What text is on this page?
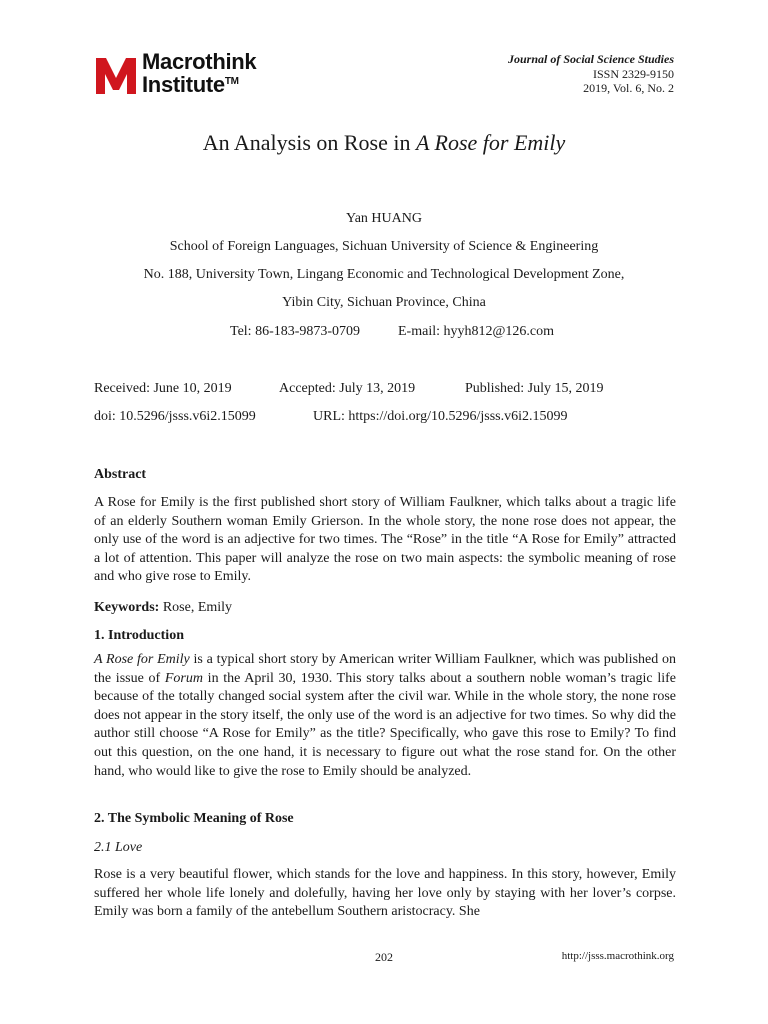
Macrothink
Institute™
Journal of Social Science Studies
ISSN 2329-9150
2019, Vol. 6, No. 2
An Analysis on Rose in A Rose for Emily
Yan HUANG
School of Foreign Languages, Sichuan University of Science & Engineering
No. 188, University Town, Lingang Economic and Technological Development Zone,
Yibin City, Sichuan Province, China
Tel: 86-183-9873-0709	E-mail: hyyh812@126.com
Received: June 10, 2019	Accepted: July 13, 2019	Published: July 15, 2019
doi: 10.5296/jsss.v6i2.15099	URL: https://doi.org/10.5296/jsss.v6i2.15099
Abstract
A Rose for Emily is the first published short story of William Faulkner, which talks about a tragic life of an elderly Southern woman Emily Grierson. In the whole story, the none rose does not appear, the only use of the word is an adjective for two times. The “Rose” in the title “A Rose for Emily” attracted a lot of attention. This paper will analyze the rose on two main aspects: the symbolic meaning of rose and who give rose to Emily.
Keywords: Rose, Emily
1. Introduction
A Rose for Emily is a typical short story by American writer William Faulkner, which was published on the issue of Forum in the April 30, 1930. This story talks about a southern noble woman’s tragic life because of the totally changed social system after the civil war. While in the whole story, the none rose does not appear in the story itself, the only use of the word is an adjective for two times. So why did the author still choose “A Rose for Emily” as the title? Specifically, who gave this rose to Emily? To find out this question, on the one hand, it is necessary to figure out what the rose stand for. On the other hand, who would like to give the rose to Emily should be analyzed.
2. The Symbolic Meaning of Rose
2.1 Love
Rose is a very beautiful flower, which stands for the love and happiness. In this story, however, Emily suffered her whole life lonely and dolefully, having her love only by staying with her lover’s corpse. Emily was born a family of the antebellum Southern aristocracy. She
202	http://jsss.macrothink.org
